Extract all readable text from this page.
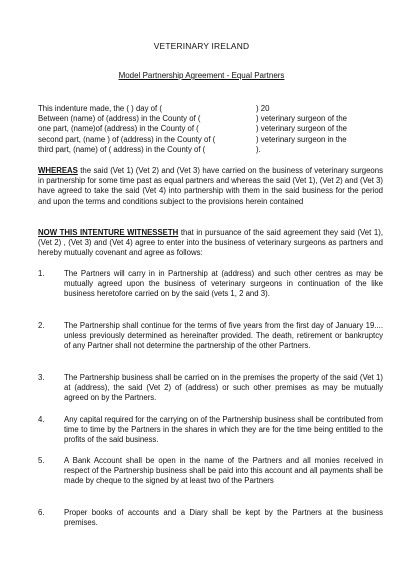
VETERINARY IRELAND
Model Partnership Agreement - Equal Partners
This indenture made, the ( ) day of (	) 20
Between (name) of (address) in the County of (	) veterinary surgeon of the
one part, (name)of (address) in the County of (	) veterinary surgeon of the
second part, (name ) of (address) in the County of (	) veterinary surgeon in the
third part, (name) of ( address) in the County of (	).
WHEREAS the said (Vet 1) (Vet 2) and (Vet 3) have carried on the business of veterinary surgeons in partnership for some time past as equal partners and whereas the said (Vet 1), (Vet 2) and (Vet 3) have agreed to take the said (Vet 4) into partnership with them in the said business for the period and upon the terms and conditions subject to the provisions herein contained
NOW THIS INTENTURE WITNESSETH that in pursuance of the said agreement they said (Vet 1), (Vet 2) , (Vet 3) and (Vet 4) agree to enter into the business of veterinary surgeons as partners and hereby mutually covenant and agree as follows:
1. The Partners will carry in in Partnership at (address) and such other centres as may be mutually agreed upon the business of veterinary surgeons in continuation of the like business heretofore carried on by the said (vets 1, 2 and 3).
2. The Partnership shall continue for the terms of five years from the first day of January 19.... unless previously determined as hereinafter provided. The death, retirement or bankruptcy of any Partner shall not determine the partnership of the other Partners.
3. The Partnership business shall be carried on in the premises the property of the said (Vet 1) at (address), the said (Vet 2) of (address) or such other premises as may be mutually agreed on by the Partners.
4. Any capital required for the carrying on of the Partnership business shall be contributed from time to time by the Partners in the shares in which they are for the time being entitled to the profits of the said business.
5. A Bank Account shall be open in the name of the Partners and all monies received in respect of the Partnership business shall be paid into this account and all payments shall be made by cheque to the signed by at least two of the Partners
6. Proper books of accounts and a Diary shall be kept by the Partners at the business premises.
